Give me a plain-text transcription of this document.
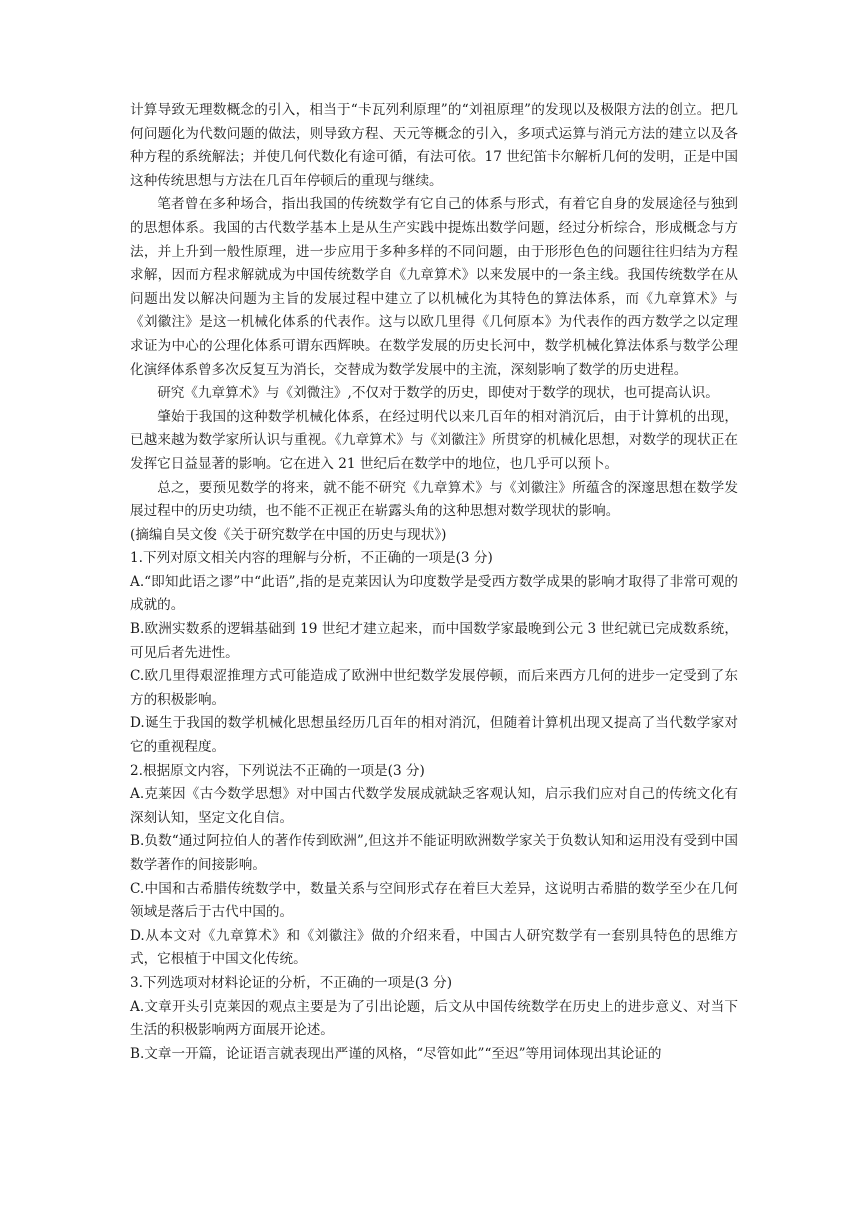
计算导致无理数概念的引入，相当于“卡瓦列利原理”的“刘祖原理”的发现以及极限方法的创立。把几何问题化为代数问题的做法，则导致方程、天元等概念的引入，多项式运算与消元方法的建立以及各种方程的系统解法；并使几何代数化有途可循，有法可依。17 世纪笛卡尔解析几何的发明，正是中国这种传统思想与方法在几百年停顿后的重现与继续。

笔者曾在多种场合，指出我国的传统数学有它自己的体系与形式，有着它自身的发展途径与独到的思想体系。我国的古代数学基本上是从生产实践中提炼出数学问题，经过分析综合，形成概念与方法，并上升到一般性原理，进一步应用于多种多样的不同问题，由于形形色色的问题往往归结为方程求解，因而方程求解就成为中国传统数学自《九章算术》以来发展中的一条主线。我国传统数学在从问题出发以解决问题为主旨的发展过程中建立了以机械化为其特色的算法体系，而《九章算术》与《刘徽注》是这一机械化体系的代表作。这与以欧几里得《几何原本》为代表作的西方数学之以定理求证为中心的公理化体系可谓东西辉映。在数学发展的历史长河中，数学机械化算法体系与数学公理化演绎体系曾多次反复互为消长，交替成为数学发展中的主流，深刻影响了数学的历史进程。

研究《九章算术》与《刘微注》,不仅对于数学的历史，即使对于数学的现状，也可提高认识。

肇始于我国的这种数学机械化体系，在经过明代以来几百年的相对消沉后，由于计算机的出现，已越来越为数学家所认识与重视。《九章算术》与《刘徽注》所贯穿的机械化思想，对数学的现状正在发挥它日益显著的影响。它在进入 21 世纪后在数学中的地位，也几乎可以预卜。

总之，要预见数学的将来，就不能不研究《九章算术》与《刘徽注》所蕴含的深邃思想在数学发展过程中的历史功绩，也不能不正视正在崭露头角的这种思想对数学现状的影响。

(摘编自吴文俊《关于研究数学在中国的历史与现状》)

1.下列对原文相关内容的理解与分析，不正确的一项是(3 分)

A.“即知此语之谬”中“此语”,指的是克莱因认为印度数学是受西方数学成果的影响才取得了非常可观的成就的。

B.欧洲实数系的逻辑基础到 19 世纪才建立起来，而中国数学家最晚到公元 3 世纪就已完成数系统，可见后者先进性。

C.欧几里得艰涩推理方式可能造成了欧洲中世纪数学发展停顿，而后来西方几何的进步一定受到了东方的积极影响。

D.诞生于我国的数学机械化思想虽经历几百年的相对消沉，但随着计算机出现又提高了当代数学家对它的重视程度。

2.根据原文内容，下列说法不正确的一项是(3 分)

A.克莱因《古今数学思想》对中国古代数学发展成就缺乏客观认知，启示我们应对自己的传统文化有深刻认知，坚定文化自信。

B.负数“通过阿拉伯人的著作传到欧洲”,但这并不能证明欧洲数学家关于负数认知和运用没有受到中国数学著作的间接影响。

C.中国和古希腊传统数学中，数量关系与空间形式存在着巨大差异，这说明古希腊的数学至少在几何领域是落后于古代中国的。

D.从本文对《九章算术》和《刘徽注》做的介绍来看，中国古人研究数学有一套别具特色的思维方式，它根植于中国文化传统。

3.下列选项对材料论证的分析，不正确的一项是(3 分)

A.文章开头引克莱因的观点主要是为了引出论题，后文从中国传统数学在历史上的进步意义、对当下生活的积极影响两方面展开论述。

B.文章一开篇，论证语言就表现出严谨的风格，“尽管如此”“至迟”等用词体现出其论证的
